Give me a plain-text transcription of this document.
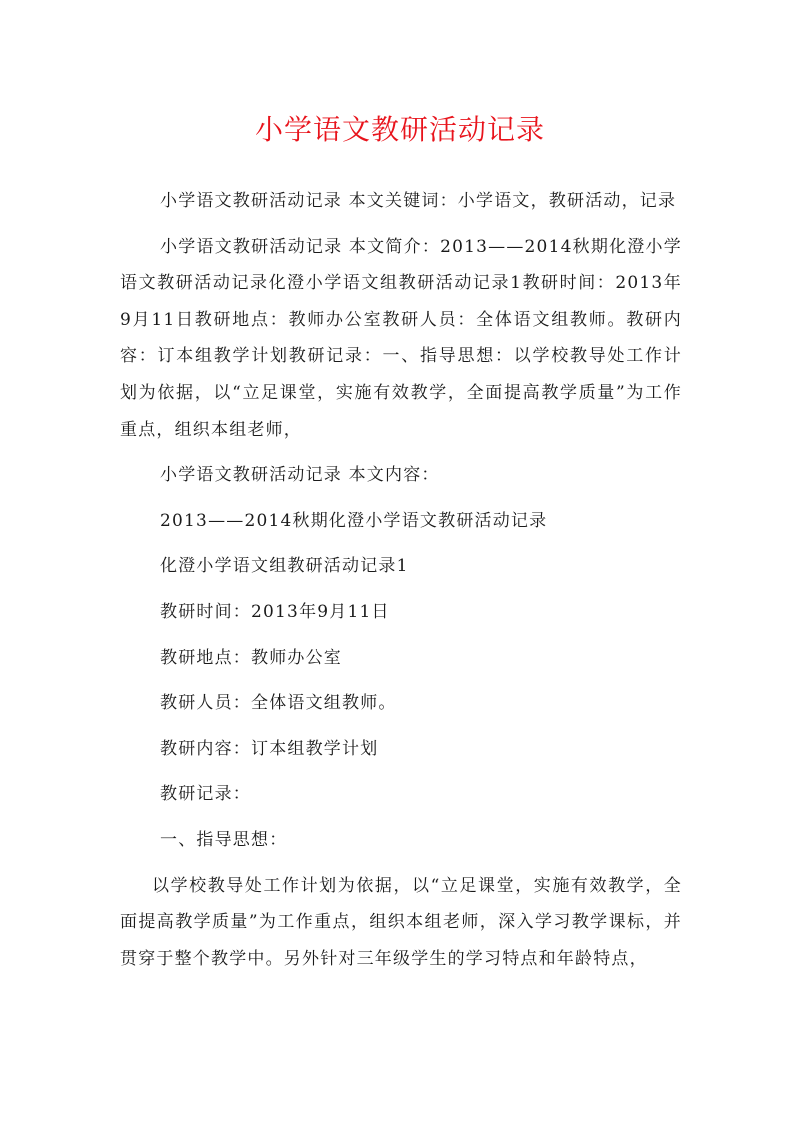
小学语文教研活动记录

小学语文教研活动记录 本文关键词：小学语文，教研活动，记录

小学语文教研活动记录 本文简介：2013——2014秋期化澄小学语文教研活动记录化澄小学语文组教研活动记录1教研时间：2013年9月11日教研地点：教师办公室教研人员：全体语文组教师。教研内容：订本组教学计划教研记录：一、指导思想：以学校教导处工作计划为依据，以“立足课堂，实施有效教学，全面提高教学质量”为工作重点，组织本组老师，

小学语文教研活动记录 本文内容：

2013——2014秋期化澄小学语文教研活动记录

化澄小学语文组教研活动记录1

教研时间：2013年9月11日

教研地点：教师办公室

教研人员：全体语文组教师。

教研内容：订本组教学计划

教研记录：

一、指导思想：

以学校教导处工作计划为依据，以“立足课堂，实施有效教学，全面提高教学质量”为工作重点，组织本组老师，深入学习教学课标，并贯穿于整个教学中。另外针对三年级学生的学习特点和年龄特点，
